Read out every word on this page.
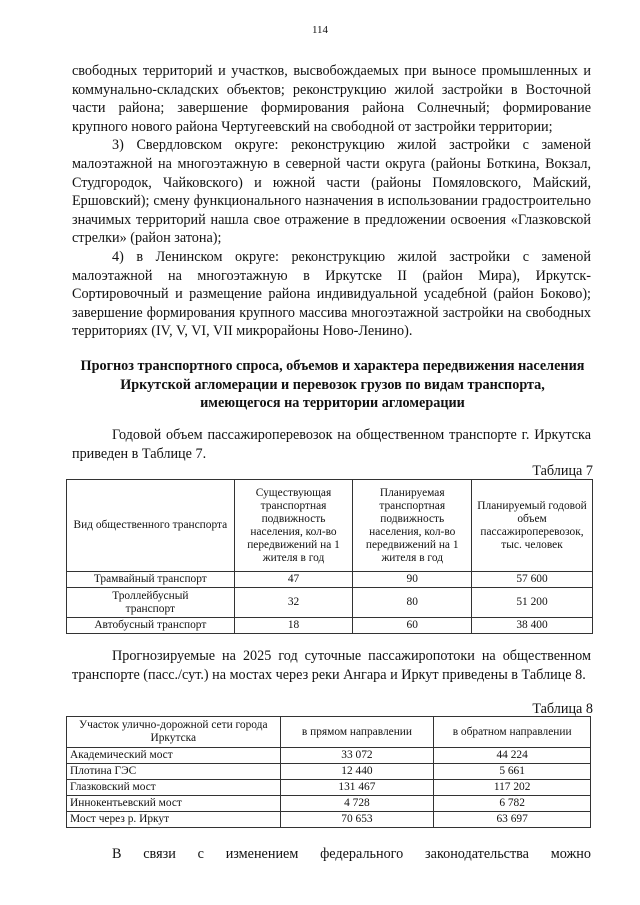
114

свободных территорий и участков, высвобождаемых при выносе промышленных и коммунально-складских объектов; реконструкцию жилой застройки в Восточной части района; завершение формирования района Солнечный; формирование крупного нового района Чертугеевский на свободной от застройки территории;

3) Свердловском округе: реконструкцию жилой застройки с заменой малоэтажной на многоэтажную в северной части округа (районы Боткина, Вокзал, Студгородок, Чайковского) и южной части (районы Помяловского, Майский, Ершовский); смену функционального назначения в использовании градостроительно значимых территорий нашла свое отражение в предложении освоения «Глазковской стрелки» (район затона);

4) в Ленинском округе: реконструкцию жилой застройки с заменой малоэтажной на многоэтажную в Иркутске II (район Мира), Иркутск-Сортировочный и размещение района индивидуальной усадебной (район Боково); завершение формирования крупного массива многоэтажной застройки на свободных территориях (IV, V, VI, VII микрорайоны Ново-Ленино).

Прогноз транспортного спроса, объемов и характера передвижения населения Иркутской агломерации и перевозок грузов по видам транспорта, имеющегося на территории агломерации

Годовой объем пассажироперевозок на общественном транспорте г. Иркутска приведен в Таблице 7.

Таблица 7
Вид общественного транспорта	Существующая транспортная подвижность населения, кол-во передвижений на 1 жителя в год	Планируемая транспортная подвижность населения, кол-во передвижений на 1 жителя в год	Планируемый годовой объем пассажироперевозок, тыс. человек
Трамвайный транспорт	47	90	57 600
Троллейбусный транспорт	32	80	51 200
Автобусный транспорт	18	60	38 400

Прогнозируемые на 2025 год суточные пассажиропотоки на общественном транспорте (пасс./сут.) на мостах через реки Ангара и Иркут приведены в Таблице 8.

Таблица 8
Участок улично-дорожной сети города Иркутска	в прямом направлении	в обратном направлении
Академический мост	33 072	44 224
Плотина ГЭС	12 440	5 661
Глазковский мост	131 467	117 202
Иннокентьевский мост	4 728	6 782
Мост через р. Иркут	70 653	63 697

В связи с изменением федерального законодательства можно
